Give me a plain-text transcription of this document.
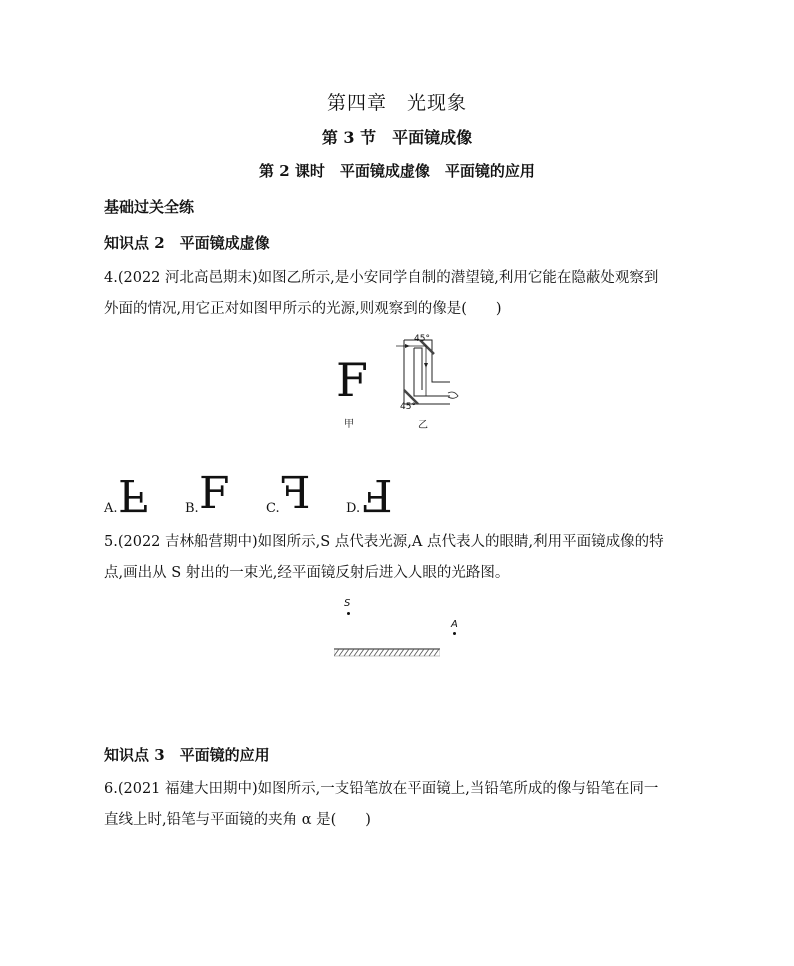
第四章　光现象
第 3 节　平面镜成像
第 2 课时　平面镜成虚像　平面镜的应用
基础过关全练
知识点 2　平面镜成虚像
4.(2022 河北高邑期末)如图乙所示,是小安同学自制的潜望镜,利用它能在隐蔽处观察到
外面的情况,用它正对如图甲所示的光源,则观察到的像是(　　)
F
甲
45°
45°
乙
A. F	B. F	C. F	D. F
5.(2022 吉林船营期中)如图所示,S 点代表光源,A 点代表人的眼睛,利用平面镜成像的特
点,画出从 S 射出的一束光,经平面镜反射后进入人眼的光路图。
S
A
知识点 3　平面镜的应用
6.(2021 福建大田期中)如图所示,一支铅笔放在平面镜上,当铅笔所成的像与铅笔在同一
直线上时,铅笔与平面镜的夹角 α 是(　　)
